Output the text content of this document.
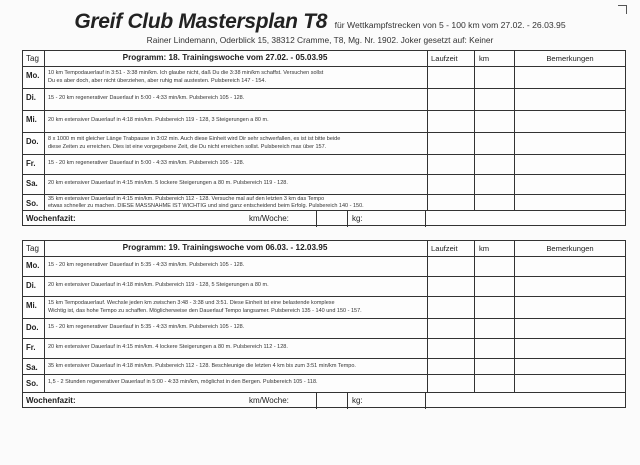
Greif Club Mastersplan T8 für Wettkampfstrecken von 5 - 100 km vom 27.02. - 26.03.95
Rainer Lindemann, Oderblick 15, 38312 Cramme, T8, Mg. Nr. 1902. Joker gesetzt auf: Keiner
Tag	Programm: 18. Trainingswoche vom 27.02. - 05.03.95	Laufzeit	km	Bemerkungen
Mo.	10 km Tempodauerlauf in 3:51 - 3:38 min/km. Ich glaube nicht, daß Du die 3:38 min/km schaffst. Versuchen sollst
Du es aber doch, aber nicht überziehen, aber ruhig mal austesten. Pulsbereich 147 - 154.
Di.	15 - 20 km regenerativer Dauerlauf in 5:00 - 4:33 min/km. Pulsbereich 105 - 128.
Mi.	20 km extensiver Dauerlauf in 4:18 min/km. Pulsbereich 119 - 128, 3 Steigerungen a 80 m.
Do.	8 x 1000 m mit gleicher Länge Trabpause in 3:02 min. Auch diese Einheit wird Dir sehr schwerfallen, es ist ist bitte beide
diese Zeiten zu erreichen. Dies ist eine vorgegebene Zeit, die Du nicht erreichen sollst. Pulsbereich max über 157.
Fr.	15 - 20 km regenerativer Dauerlauf in 5:00 - 4:33 min/km. Pulsbereich 105 - 128.
Sa.	20 km extensiver Dauerlauf in 4:15 min/km. 5 lockere Steigerungen a 80 m. Pulsbereich 119 - 128.
So.	35 km extensiver Dauerlauf in 4:15 min/km. Pulsbereich 112 - 128. Versuche mal auf den letzten 3 km das Tempo
etwas schneller zu machen. DIESE MASSNAHME IST WICHTIG und sind ganz entscheidend beim Erfolg. Pulsbereich 140 - 150.
Wochenfazit:	km/Woche:	kg:
Tag	Programm: 19. Trainingswoche vom 06.03. - 12.03.95	Laufzeit	km	Bemerkungen
Mo.	15 - 20 km regenerativer Dauerlauf in 5:35 - 4:33 min/km. Pulsbereich 105 - 128.
Di.	20 km extensiver Dauerlauf in 4:18 min/km. Pulsbereich 119 - 128, 5 Steigerungen a 80 m.
Mi.	15 km Tempodauerlauf. Wechsle jeden km zwischen 3:48 - 3:38 und 3:51. Diese Einheit ist eine belastende komplexe
Wichtig ist, das hohe Tempo zu schaffen. Möglicherweise den Dauerlauf Tempo langsamer. Pulsbereich 135 - 140 und 150 - 157.
Do.	15 - 20 km regenerativer Dauerlauf in 5:35 - 4:33 min/km. Pulsbereich 105 - 128.
Fr.	20 km extensiver Dauerlauf in 4:15 min/km. 4 lockere Steigerungen a 80 m. Pulsbereich 112 - 128.
Sa.	35 km extensiver Dauerlauf in 4:18 min/km. Pulsbereich 112 - 128. Beschleunige die letzten 4 km bis zum 3:51 min/km Tempo.
So.	1,5 - 2 Stunden regenerativer Dauerlauf in 5:00 - 4:33 min/km, möglichst in den Bergen. Pulsbereich 105 - 118.
Wochenfazit:	km/Woche:	kg:
